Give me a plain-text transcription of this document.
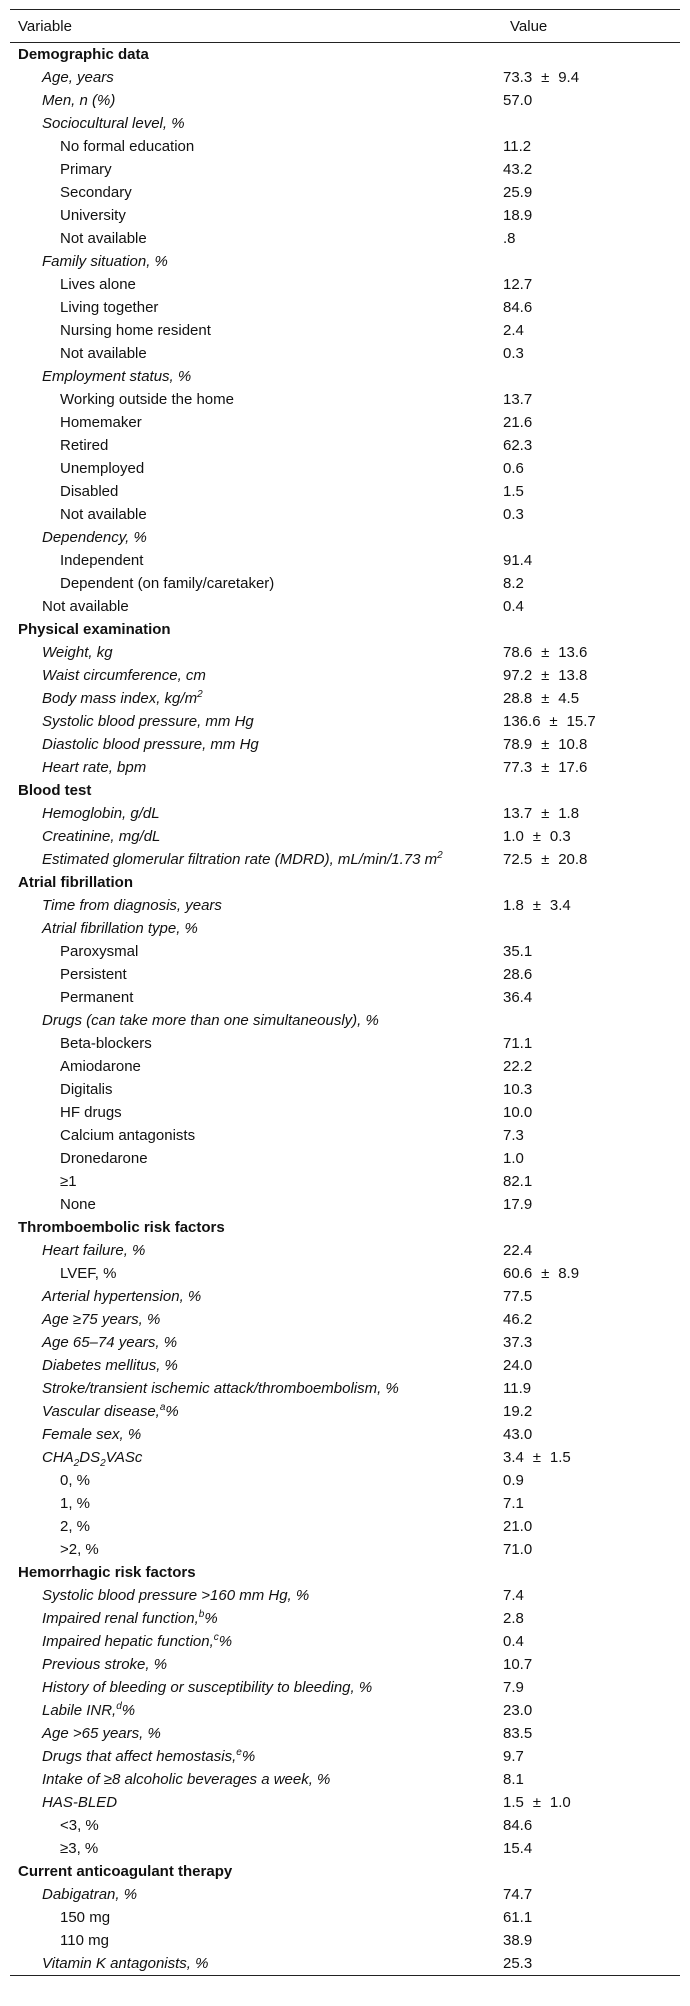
Variable	Value
Demographic data	
Age, years	73.3 ± 9.4
Men, n (%)	57.0
Sociocultural level, %	
No formal education	11.2
Primary	43.2
Secondary	25.9
University	18.9
Not available	.8
Family situation, %	
Lives alone	12.7
Living together	84.6
Nursing home resident	2.4
Not available	0.3
Employment status, %	
Working outside the home	13.7
Homemaker	21.6
Retired	62.3
Unemployed	0.6
Disabled	1.5
Not available	0.3
Dependency, %	
Independent	91.4
Dependent (on family/caretaker)	8.2
Not available	0.4
Physical examination	
Weight, kg	78.6 ± 13.6
Waist circumference, cm	97.2 ± 13.8
Body mass index, $kg/m^2$	28.8 ± 4.5
Systolic blood pressure, mm Hg	136.6 ± 15.7
Diastolic blood pressure, mm Hg	78.9 ± 10.8
Heart rate, bpm	77.3 ± 17.6
Blood test	
Hemoglobin, g/dL	13.7 ± 1.8
Creatinine, mg/dL	1.0 ± 0.3
Estimated glomerular filtration rate (MDRD), mL/min/1.73 $m^2$	72.5 ± 20.8
Atrial fibrillation	
Time from diagnosis, years	1.8 ± 3.4
Atrial fibrillation type, %	
Paroxysmal	35.1
Persistent	28.6
Permanent	36.4
Drugs (can take more than one simultaneously), %	
Beta-blockers	71.1
Amiodarone	22.2
Digitalis	10.3
HF drugs	10.0
Calcium antagonists	7.3
Dronedarone	1.0
≥1	82.1
None	17.9
Thromboembolic risk factors	
Heart failure, %	22.4
LVEF, %	60.6 ± 8.9
Arterial hypertension, %	77.5
Age ≥75 years, %	46.2
Age 65–74 years, %	37.3
Diabetes mellitus, %	24.0
Stroke/transient ischemic attack/thromboembolism, %	11.9
Vascular disease,$^a$%	19.2
Female sex, %	43.0
$CHA_2DS_2VASc$	3.4 ± 1.5
0, %	0.9
1, %	7.1
2, %	21.0
>2, %	71.0
Hemorrhagic risk factors	
Systolic blood pressure >160 mm Hg, %	7.4
Impaired renal function,$^b$%	2.8
Impaired hepatic function,$^c$%	0.4
Previous stroke, %	10.7
History of bleeding or susceptibility to bleeding, %	7.9
Labile INR,$^d$%	23.0
Age >65 years, %	83.5
Drugs that affect hemostasis,$^e$%	9.7
Intake of ≥8 alcoholic beverages a week, %	8.1
HAS-BLED	1.5 ± 1.0
<3, %	84.6
≥3, %	15.4
Current anticoagulant therapy	
Dabigatran, %	74.7
150 mg	61.1
110 mg	38.9
Vitamin K antagonists, %	25.3
